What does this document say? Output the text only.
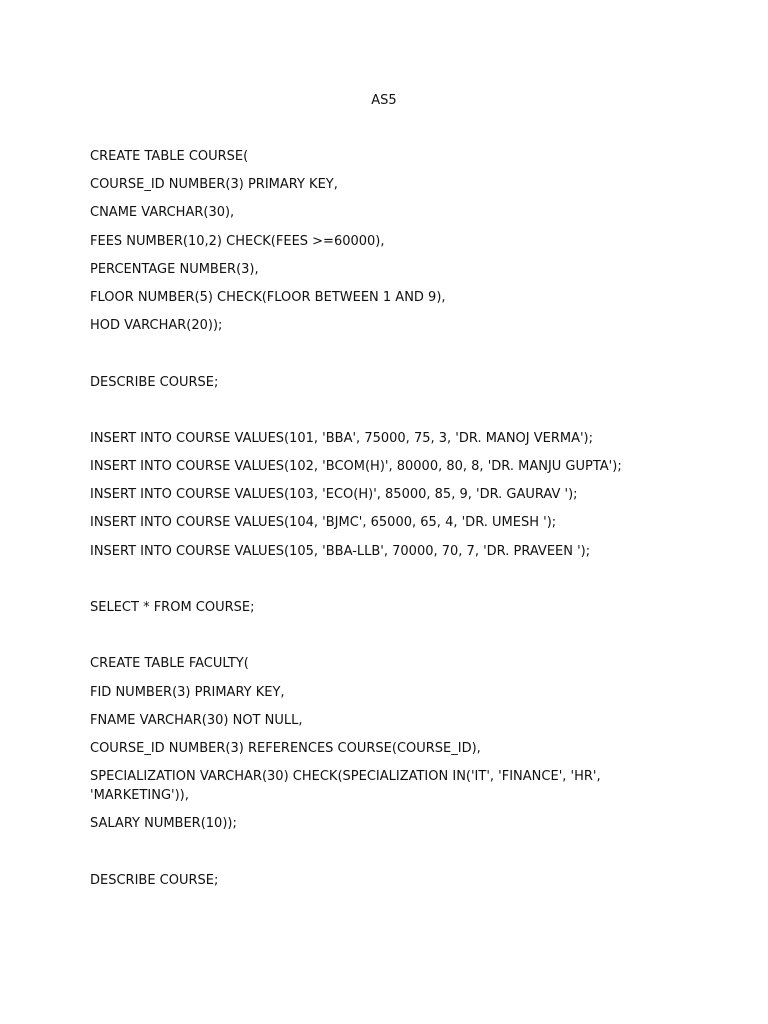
AS5
CREATE TABLE COURSE(
COURSE_ID NUMBER(3) PRIMARY KEY,
CNAME VARCHAR(30),
FEES NUMBER(10,2) CHECK(FEES >=60000),
PERCENTAGE NUMBER(3),
FLOOR NUMBER(5) CHECK(FLOOR BETWEEN 1 AND 9),
HOD VARCHAR(20));
DESCRIBE COURSE;
INSERT INTO COURSE VALUES(101, 'BBA', 75000, 75, 3, 'DR. MANOJ VERMA');
INSERT INTO COURSE VALUES(102, 'BCOM(H)', 80000, 80, 8, 'DR. MANJU GUPTA');
INSERT INTO COURSE VALUES(103, 'ECO(H)', 85000, 85, 9, 'DR. GAURAV ');
INSERT INTO COURSE VALUES(104, 'BJMC', 65000, 65, 4, 'DR. UMESH ');
INSERT INTO COURSE VALUES(105, 'BBA-LLB', 70000, 70, 7, 'DR. PRAVEEN ');
SELECT * FROM COURSE;
CREATE TABLE FACULTY(
FID NUMBER(3) PRIMARY KEY,
FNAME VARCHAR(30) NOT NULL,
COURSE_ID NUMBER(3) REFERENCES COURSE(COURSE_ID),
SPECIALIZATION VARCHAR(30) CHECK(SPECIALIZATION IN('IT', 'FINANCE', 'HR', 'MARKETING')),
SALARY NUMBER(10));
DESCRIBE COURSE;
